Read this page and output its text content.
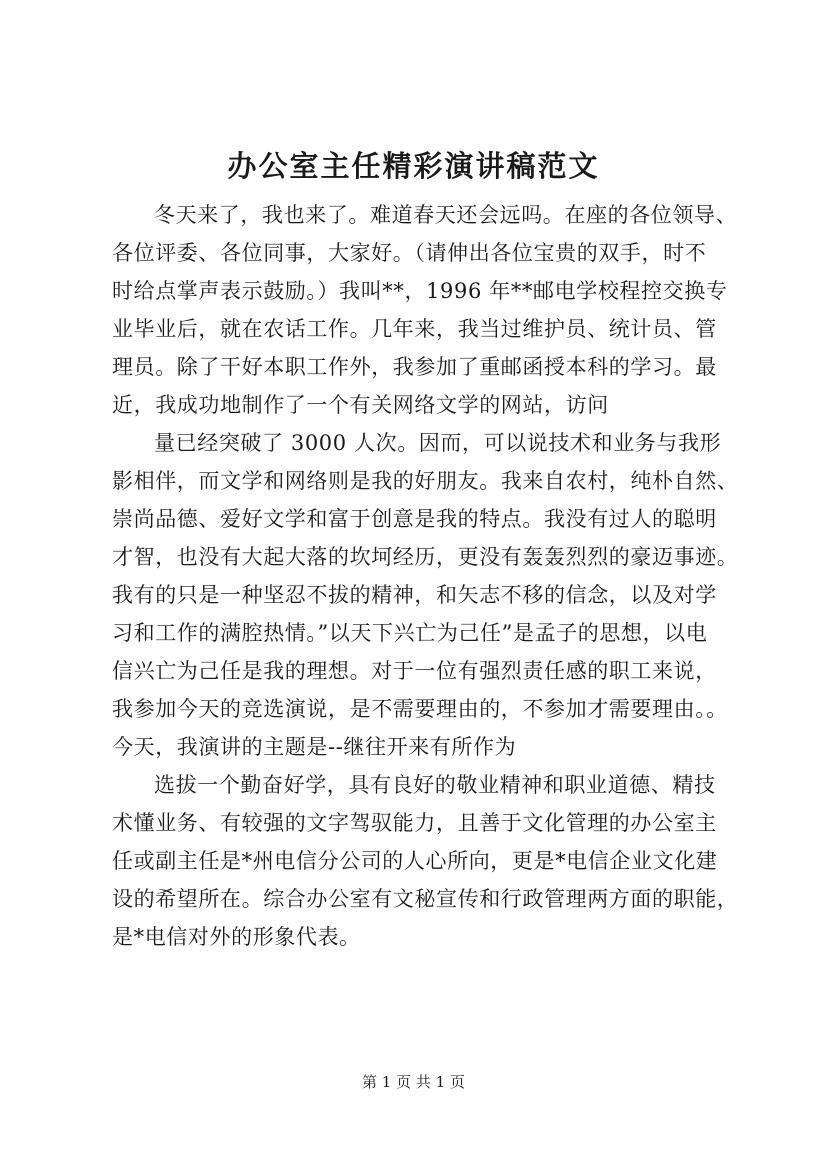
办公室主任精彩演讲稿范文
冬天来了，我也来了。难道春天还会远吗。在座的各位领导、
各位评委、各位同事，大家好。（请伸出各位宝贵的双手，时不
时给点掌声表示鼓励。）我叫**，1996 年**邮电学校程控交换专
业毕业后，就在农话工作。几年来，我当过维护员、统计员、管
理员。除了干好本职工作外，我参加了重邮函授本科的学习。最
近，我成功地制作了一个有关网络文学的网站，访问
量已经突破了 3000 人次。因而，可以说技术和业务与我形
影相伴，而文学和网络则是我的好朋友。我来自农村，纯朴自然、
崇尚品德、爱好文学和富于创意是我的特点。我没有过人的聪明
才智，也没有大起大落的坎坷经历，更没有轰轰烈烈的豪迈事迹。
我有的只是一种坚忍不拔的精神，和矢志不移的信念，以及对学
习和工作的满腔热情。”以天下兴亡为己任”是孟子的思想，以电
信兴亡为己任是我的理想。对于一位有强烈责任感的职工来说，
我参加今天的竞选演说，是不需要理由的，不参加才需要理由。。
今天，我演讲的主题是--继往开来有所作为
选拔一个勤奋好学，具有良好的敬业精神和职业道德、精技
术懂业务、有较强的文字驾驭能力，且善于文化管理的办公室主
任或副主任是*州电信分公司的人心所向，更是*电信企业文化建
设的希望所在。综合办公室有文秘宣传和行政管理两方面的职能，
是*电信对外的形象代表。
第 1 页 共 1 页
